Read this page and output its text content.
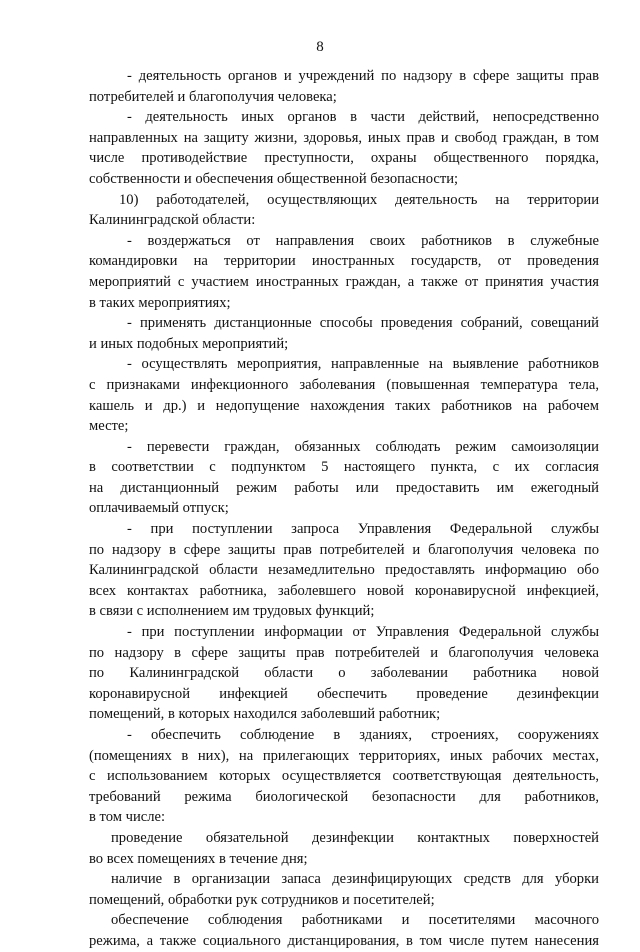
8
- деятельность органов и учреждений по надзору в сфере защиты прав
потребителей и благополучия человека;
- деятельность иных органов в части действий, непосредственно
направленных на защиту жизни, здоровья, иных прав и свобод граждан, в том
числе противодействие преступности, охраны общественного порядка,
собственности и обеспечения общественной безопасности;
10) работодателей, осуществляющих деятельность на территории
Калининградской области:
- воздержаться от направления своих работников в служебные
командировки на территории иностранных государств, от проведения
мероприятий с участием иностранных граждан, а также от принятия участия
в таких мероприятиях;
- применять дистанционные способы проведения собраний, совещаний
и иных подобных мероприятий;
- осуществлять мероприятия, направленные на выявление работников
с признаками инфекционного заболевания (повышенная температура тела,
кашель и др.) и недопущение нахождения таких работников на рабочем
месте;
- перевести граждан, обязанных соблюдать режим самоизоляции
в соответствии с подпунктом 5 настоящего пункта, с их согласия
на дистанционный режим работы или предоставить им ежегодный
оплачиваемый отпуск;
- при поступлении запроса Управления Федеральной службы
по надзору в сфере защиты прав потребителей и благополучия человека по
Калининградской области незамедлительно предоставлять информацию обо
всех контактах работника, заболевшего новой коронавирусной инфекцией,
в связи с исполнением им трудовых функций;
- при поступлении информации от Управления Федеральной службы
по надзору в сфере защиты прав потребителей и благополучия человека
по Калининградской области о заболевании работника новой
коронавирусной инфекцией обеспечить проведение дезинфекции
помещений, в которых находился заболевший работник;
- обеспечить соблюдение в зданиях, строениях, сооружениях
(помещениях в них), на прилегающих территориях, иных рабочих местах,
с использованием которых осуществляется соответствующая деятельность,
требований режима биологической безопасности для работников,
в том числе:
проведение обязательной дезинфекции контактных поверхностей
во всех помещениях в течение дня;
наличие в организации запаса дезинфицирующих средств для уборки
помещений, обработки рук сотрудников и посетителей;
обеспечение соблюдения работниками и посетителями масочного
режима, а также социального дистанцирования, в том числе путем нанесения
